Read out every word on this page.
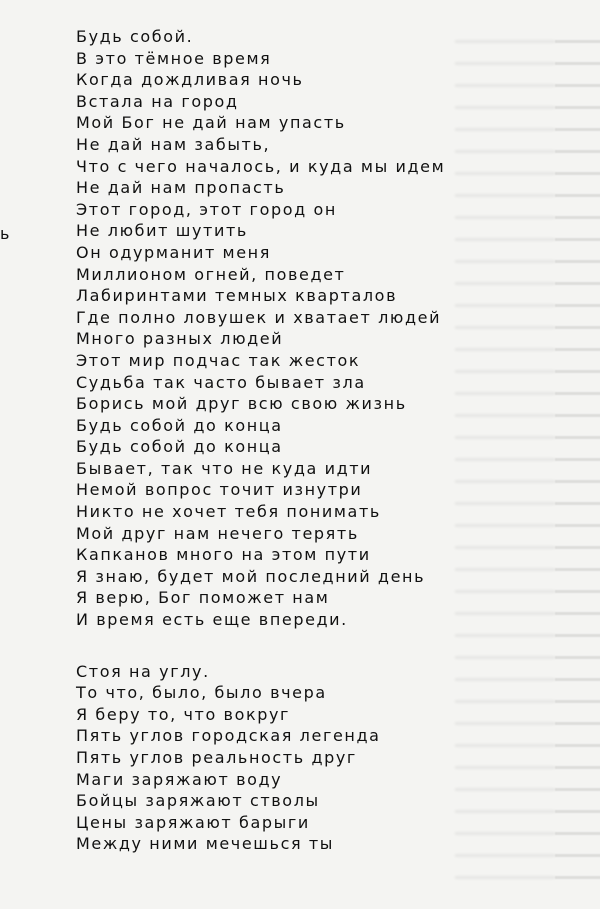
ь
Будь собой.
В это тёмное время
Когда дождливая ночь
Встала на город
Мой Бог не дай нам упасть
Не дай нам забыть,
Что с чего началось, и куда мы идем
Не дай нам пропасть
Этот город, этот город он
Не любит шутить
Он одурманит меня
Миллионом огней, поведет
Лабиринтами темных кварталов
Где полно ловушек и хватает людей
Много разных людей
Этот мир подчас так жесток
Судьба так часто бывает зла
Борись мой друг всю свою жизнь
Будь собой до конца
Будь собой до конца
Бывает, так что не куда идти
Немой вопрос точит изнутри
Никто не хочет тебя понимать
Мой друг нам нечего терять
Капканов много на этом пути
Я знаю, будет мой последний день
Я верю, Бог поможет нам
И время есть еще впереди.
Стоя на углу.
То что, было, было вчера
Я беру то, что вокруг
Пять углов городская легенда
Пять углов реальность друг
Маги заряжают воду
Бойцы заряжают стволы
Цены заряжают барыги
Между ними мечешься ты
